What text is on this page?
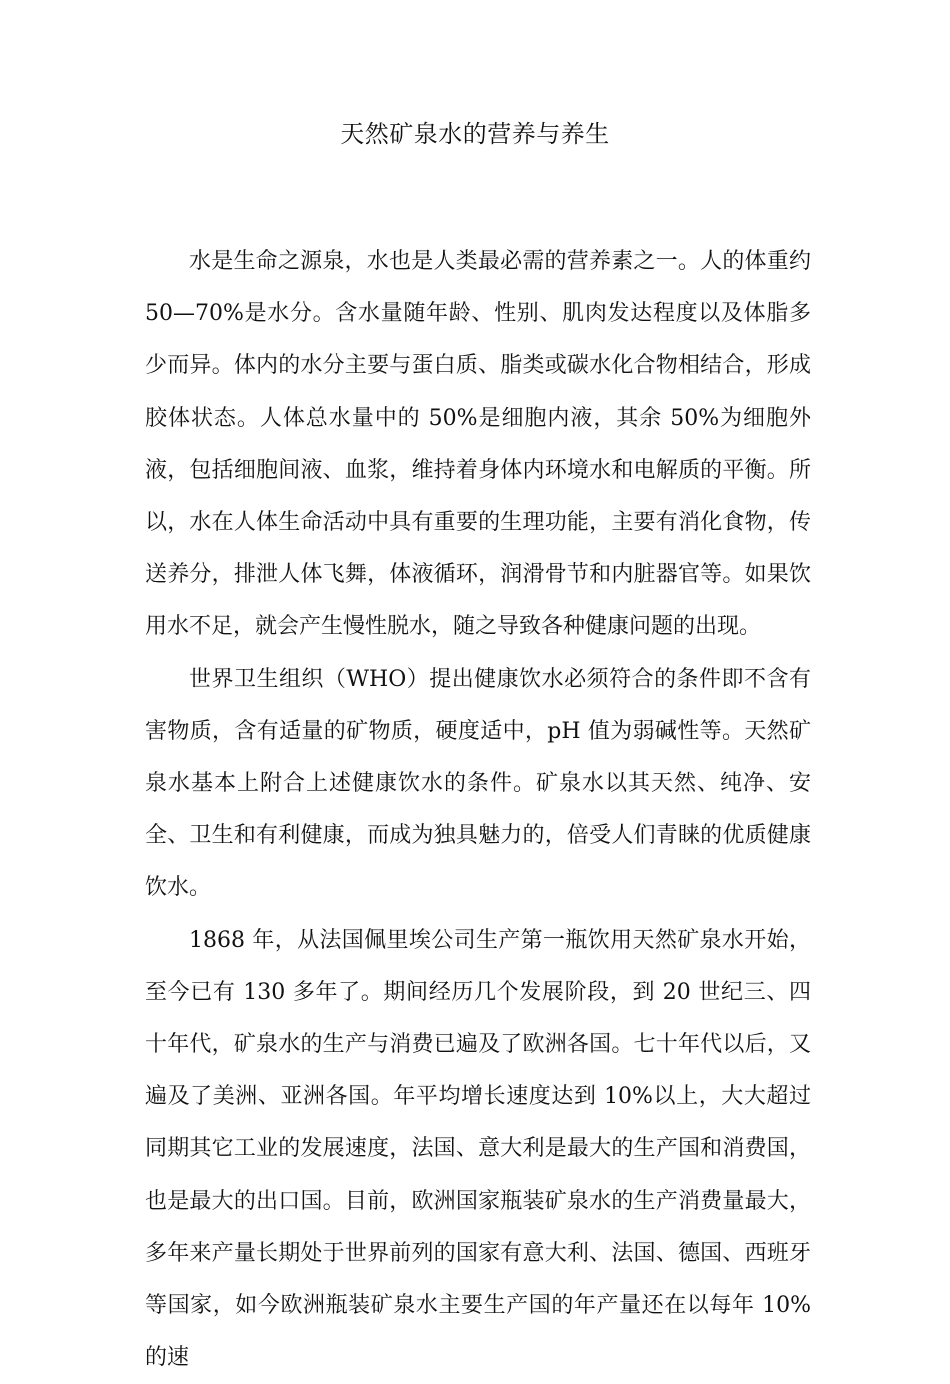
天然矿泉水的营养与养生

水是生命之源泉，水也是人类最必需的营养素之一。人的体重约 50—70%是水分。含水量随年龄、性别、肌肉发达程度以及体脂多少而异。体内的水分主要与蛋白质、脂类或碳水化合物相结合，形成胶体状态。人体总水量中的 50%是细胞内液，其余 50%为细胞外液，包括细胞间液、血浆，维持着身体内环境水和电解质的平衡。所以，水在人体生命活动中具有重要的生理功能，主要有消化食物，传送养分，排泄人体飞舞，体液循环，润滑骨节和内脏器官等。如果饮用水不足，就会产生慢性脱水，随之导致各种健康问题的出现。

世界卫生组织（WHO）提出健康饮水必须符合的条件即不含有害物质，含有适量的矿物质，硬度适中，pH 值为弱碱性等。天然矿泉水基本上附合上述健康饮水的条件。矿泉水以其天然、纯净、安全、卫生和有利健康，而成为独具魅力的，倍受人们青睐的优质健康饮水。

1868 年，从法国佩里埃公司生产第一瓶饮用天然矿泉水开始，至今已有 130 多年了。期间经历几个发展阶段，到 20 世纪三、四十年代，矿泉水的生产与消费已遍及了欧洲各国。七十年代以后，又遍及了美洲、亚洲各国。年平均增长速度达到 10%以上，大大超过同期其它工业的发展速度，法国、意大利是最大的生产国和消费国，也是最大的出口国。目前，欧洲国家瓶装矿泉水的生产消费量最大，多年来产量长期处于世界前列的国家有意大利、法国、德国、西班牙等国家，如今欧洲瓶装矿泉水主要生产国的年产量还在以每年 10%的速
